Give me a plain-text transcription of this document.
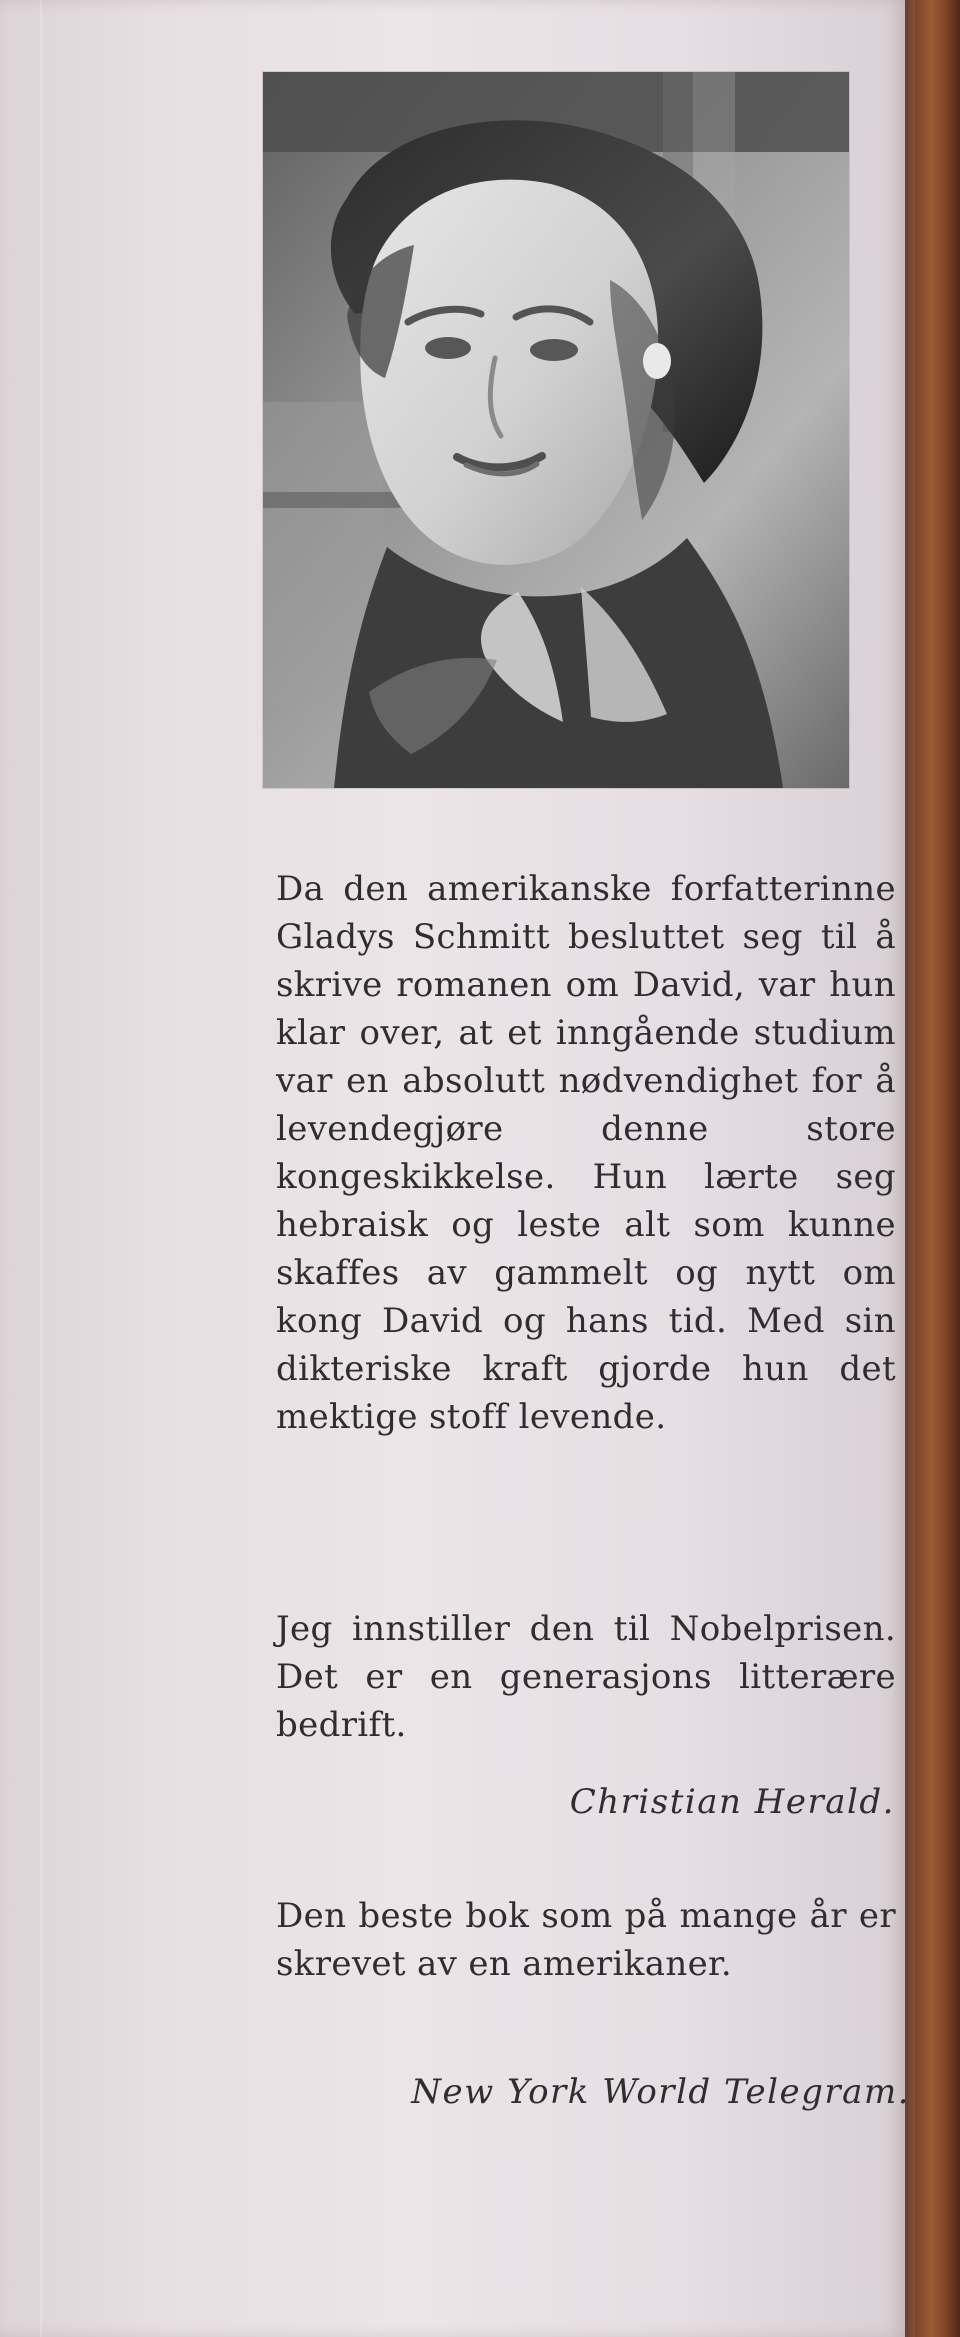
Da den amerikanske forfatterinne Gladys Schmitt besluttet seg til å skrive romanen om David, var hun klar over, at et inngående studium var en absolutt nødvendighet for å levendegjøre denne store kongeskikkelse. Hun lærte seg hebraisk og leste alt som kunne skaffes av gammelt og nytt om kong David og hans tid. Med sin dikteriske kraft gjorde hun det mektige stoff levende.

Jeg innstiller den til Nobelprisen. Det er en generasjons litterære bedrift.

Christian Herald.

Den beste bok som på mange år er skrevet av en amerikaner.

New York World Telegram.
